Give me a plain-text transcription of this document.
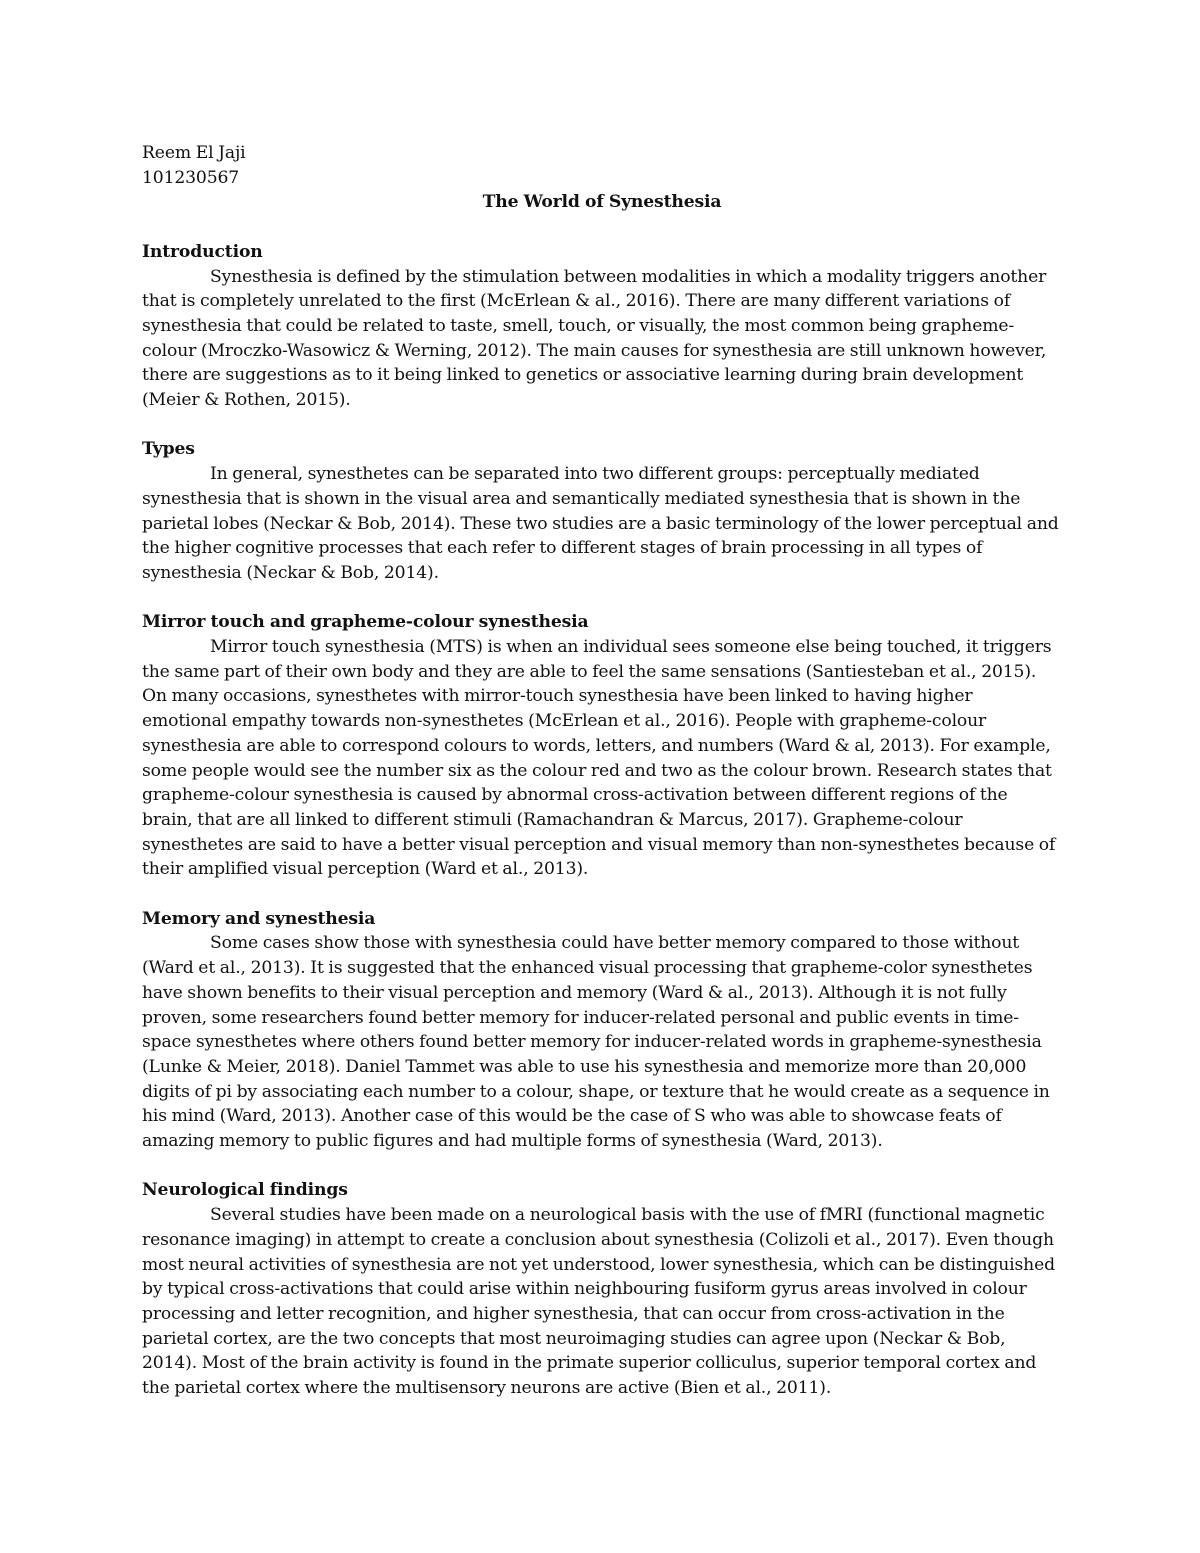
Reem El Jaji

101230567

The World of Synesthesia

Introduction

Synesthesia is defined by the stimulation between modalities in which a modality triggers another that is completely unrelated to the first (McErlean & al., 2016). There are many different variations of synesthesia that could be related to taste, smell, touch, or visually, the most common being grapheme-colour (Mroczko-Wasowicz & Werning, 2012). The main causes for synesthesia are still unknown however, there are suggestions as to it being linked to genetics or associative learning during brain development (Meier & Rothen, 2015).

Types

In general, synesthetes can be separated into two different groups: perceptually mediated synesthesia that is shown in the visual area and semantically mediated synesthesia that is shown in the parietal lobes (Neckar & Bob, 2014). These two studies are a basic terminology of the lower perceptual and the higher cognitive processes that each refer to different stages of brain processing in all types of synesthesia (Neckar & Bob, 2014).

Mirror touch and grapheme-colour synesthesia

Mirror touch synesthesia (MTS) is when an individual sees someone else being touched, it triggers the same part of their own body and they are able to feel the same sensations (Santiesteban et al., 2015). On many occasions, synesthetes with mirror-touch synesthesia have been linked to having higher emotional empathy towards non-synesthetes (McErlean et al., 2016). People with grapheme-colour synesthesia are able to correspond colours to words, letters, and numbers (Ward & al, 2013). For example, some people would see the number six as the colour red and two as the colour brown. Research states that grapheme-colour synesthesia is caused by abnormal cross-activation between different regions of the brain, that are all linked to different stimuli (Ramachandran & Marcus, 2017). Grapheme-colour synesthetes are said to have a better visual perception and visual memory than non-synesthetes because of their amplified visual perception (Ward et al., 2013).

Memory and synesthesia

Some cases show those with synesthesia could have better memory compared to those without (Ward et al., 2013). It is suggested that the enhanced visual processing that grapheme-color synesthetes have shown benefits to their visual perception and memory (Ward & al., 2013). Although it is not fully proven, some researchers found better memory for inducer-related personal and public events in time-space synesthetes where others found better memory for inducer-related words in grapheme-synesthesia (Lunke & Meier, 2018). Daniel Tammet was able to use his synesthesia and memorize more than 20,000 digits of pi by associating each number to a colour, shape, or texture that he would create as a sequence in his mind (Ward, 2013). Another case of this would be the case of S who was able to showcase feats of amazing memory to public figures and had multiple forms of synesthesia (Ward, 2013).

Neurological findings

Several studies have been made on a neurological basis with the use of fMRI (functional magnetic resonance imaging) in attempt to create a conclusion about synesthesia (Colizoli et al., 2017). Even though most neural activities of synesthesia are not yet understood, lower synesthesia, which can be distinguished by typical cross-activations that could arise within neighbouring fusiform gyrus areas involved in colour processing and letter recognition, and higher synesthesia, that can occur from cross-activation in the parietal cortex, are the two concepts that most neuroimaging studies can agree upon (Neckar & Bob, 2014). Most of the brain activity is found in the primate superior colliculus, superior temporal cortex and the parietal cortex where the multisensory neurons are active (Bien et al., 2011).
